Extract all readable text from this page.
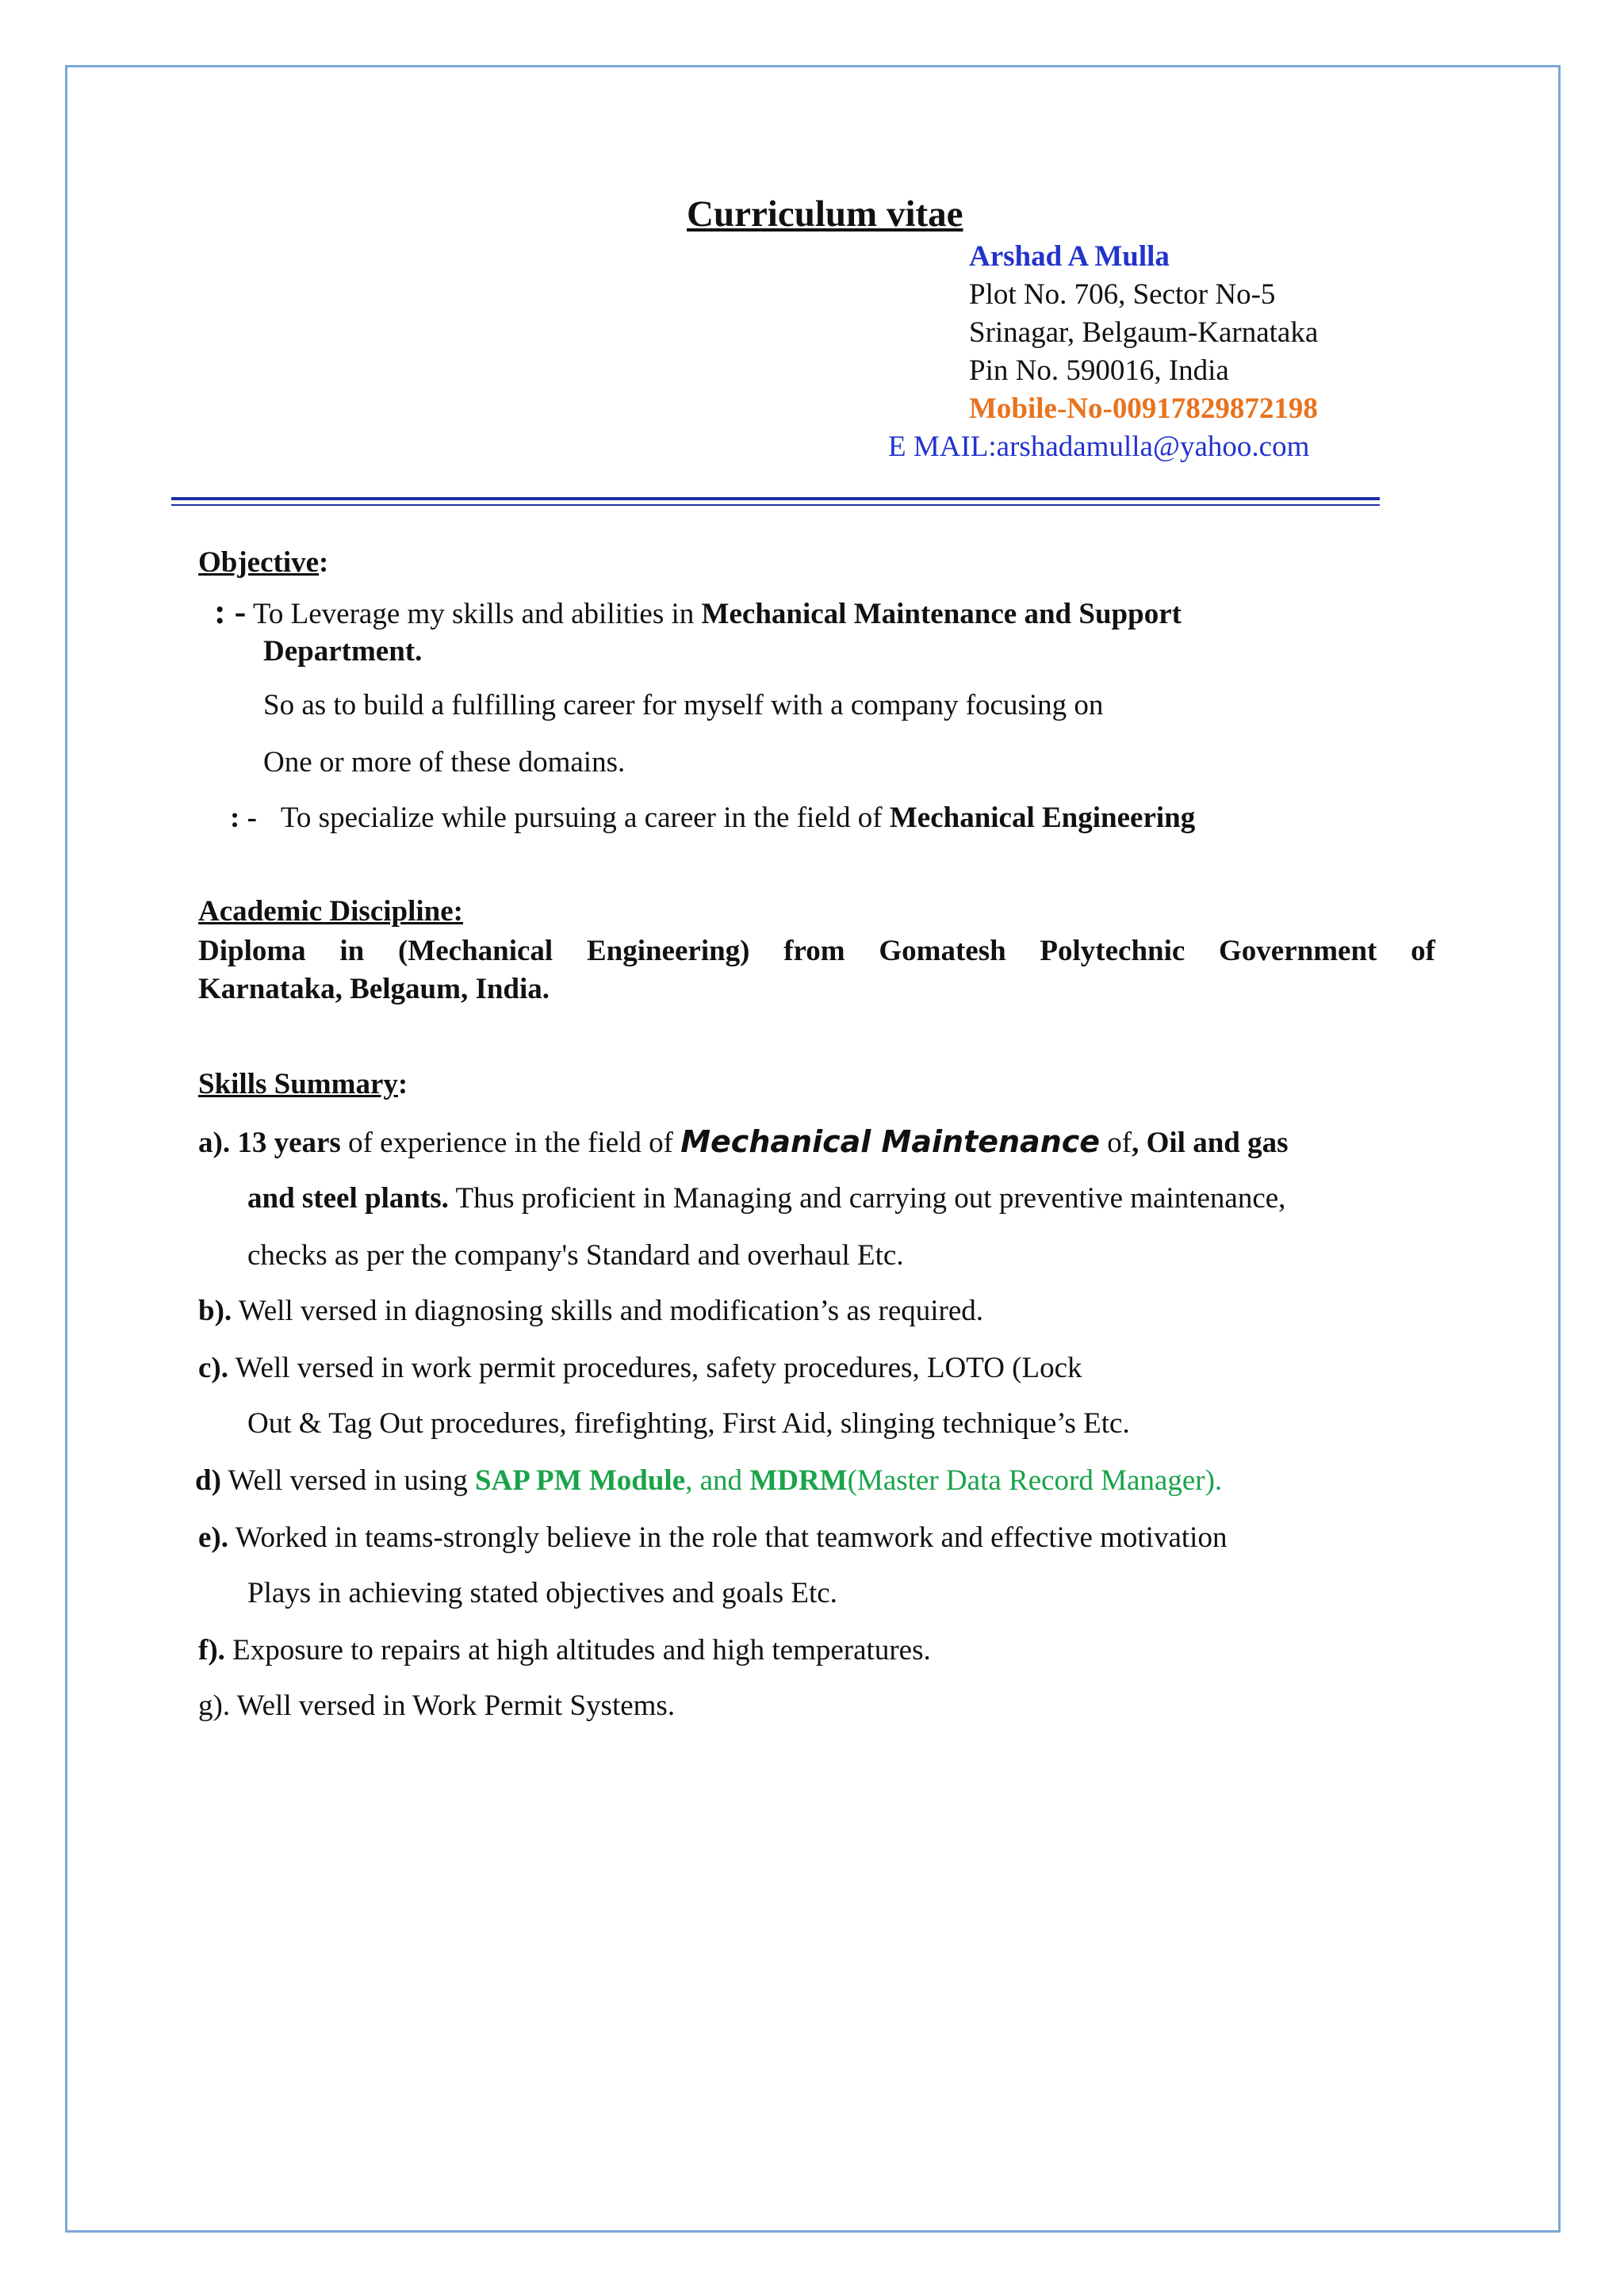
Curriculum vitae
Arshad A Mulla
Plot No. 706, Sector No-5
Srinagar, Belgaum-Karnataka
Pin No. 590016, India
Mobile-No-00917829872198
E MAIL:arshadamulla@yahoo.com
Objective:
: - To Leverage my skills and abilities in Mechanical Maintenance and Support
Department.
So as to build a fulfilling career for myself with a company focusing on
One or more of these domains.
: - To specialize while pursuing a career in the field of Mechanical Engineering
Academic Discipline:
Diploma in (Mechanical Engineering) from Gomatesh Polytechnic Government of
Karnataka, Belgaum, India.
Skills Summary:
a). 13 years of experience in the field of Mechanical Maintenance of, Oil and gas
and steel plants. Thus proficient in Managing and carrying out preventive maintenance,
checks as per the company's Standard and overhaul Etc.
b). Well versed in diagnosing skills and modification’s as required.
c). Well versed in work permit procedures, safety procedures, LOTO (Lock
Out & Tag Out procedures, firefighting, First Aid, slinging technique’s Etc.
d) Well versed in using SAP PM Module, and MDRM(Master Data Record Manager).
e). Worked in teams-strongly believe in the role that teamwork and effective motivation
Plays in achieving stated objectives and goals Etc.
f). Exposure to repairs at high altitudes and high temperatures.
g). Well versed in Work Permit Systems.
